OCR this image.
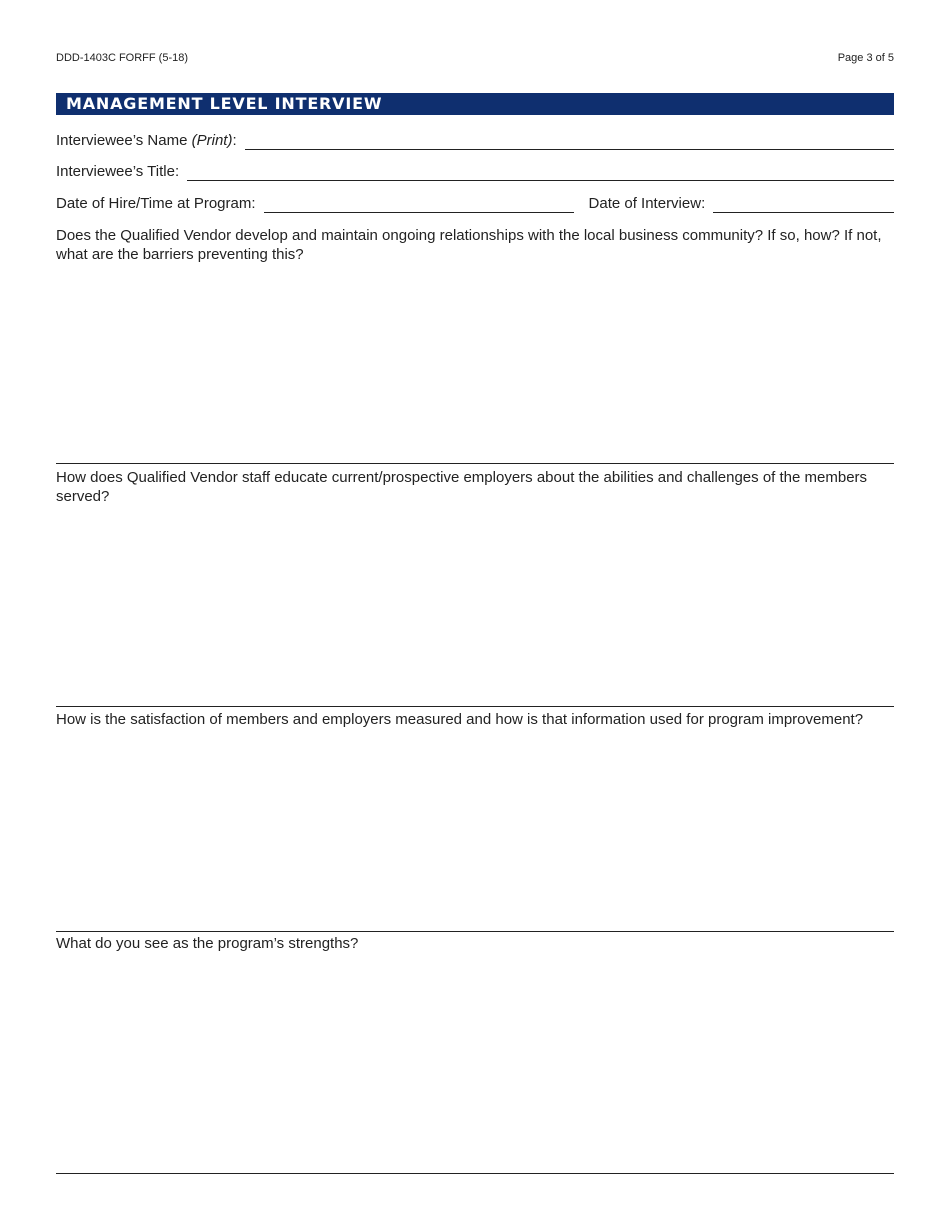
DDD-1403C FORFF (5-18)	Page 3 of 5
MANAGEMENT LEVEL INTERVIEW
Interviewee’s Name (Print):
Interviewee’s Title:
Date of Hire/Time at Program:	Date of Interview:
Does the Qualified Vendor develop and maintain ongoing relationships with the local business community? If so, how? If not, what are the barriers preventing this?
How does Qualified Vendor staff educate current/prospective employers about the abilities and challenges of the members served?
How is the satisfaction of members and employers measured and how is that information used for program improvement?
What do you see as the program’s strengths?
